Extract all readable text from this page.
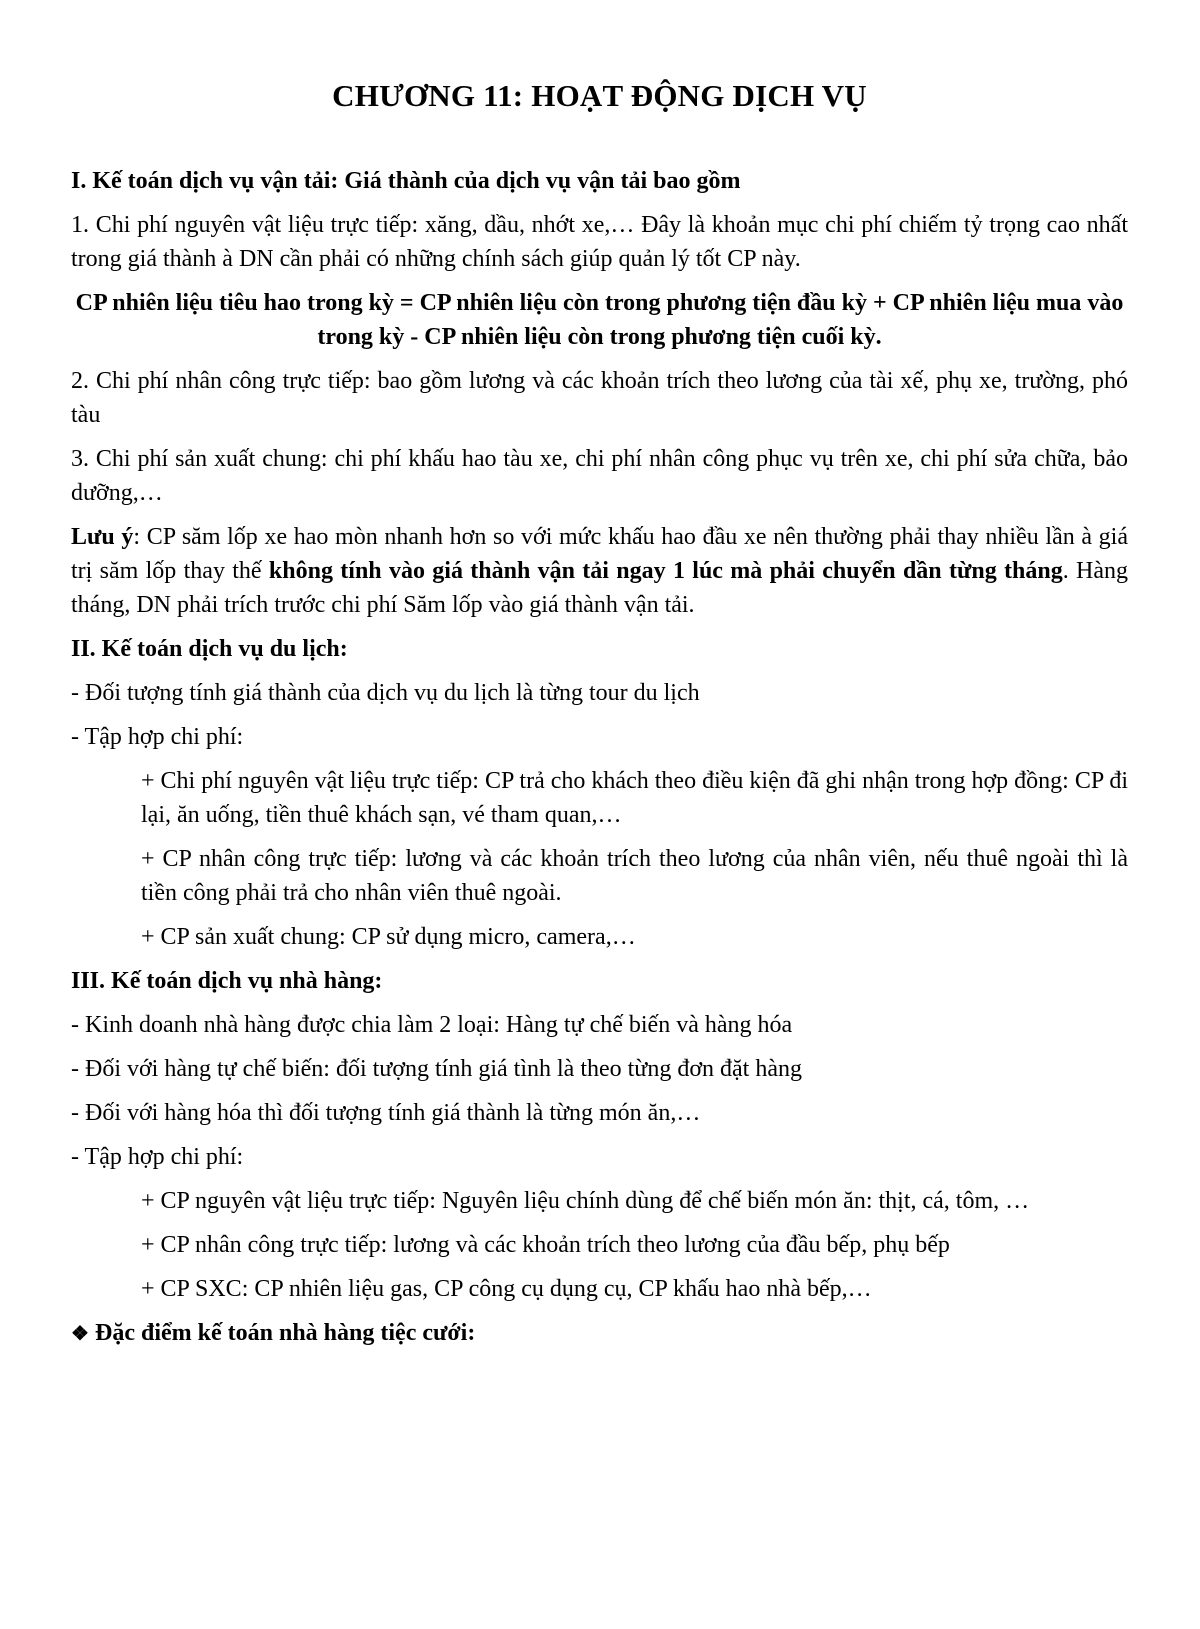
CHƯƠNG 11: HOẠT ĐỘNG DỊCH VỤ

I. Kế toán dịch vụ vận tải: Giá thành của dịch vụ vận tải bao gồm

1. Chi phí nguyên vật liệu trực tiếp: xăng, dầu, nhớt xe,… Đây là khoản mục chi phí chiếm tỷ trọng cao nhất trong giá thành à DN cần phải có những chính sách giúp quản lý tốt CP này.

CP nhiên liệu tiêu hao trong kỳ = CP nhiên liệu còn trong phương tiện đầu kỳ + CP nhiên liệu mua vào trong kỳ - CP nhiên liệu còn trong phương tiện cuối kỳ.

2. Chi phí nhân công trực tiếp: bao gồm lương và các khoản trích theo lương của tài xế, phụ xe, trường, phó tàu

3. Chi phí sản xuất chung: chi phí khấu hao tàu xe, chi phí nhân công phục vụ trên xe, chi phí sửa chữa, bảo dưỡng,…

Lưu ý: CP săm lốp xe hao mòn nhanh hơn so với mức khấu hao đầu xe nên thường phải thay nhiều lần à giá trị săm lốp thay thế không tính vào giá thành vận tải ngay 1 lúc mà phải chuyển dần từng tháng. Hàng tháng, DN phải trích trước chi phí Săm lốp vào giá thành vận tải.

II. Kế toán dịch vụ du lịch:

- Đối tượng tính giá thành của dịch vụ du lịch là từng tour du lịch

- Tập hợp chi phí:

+ Chi phí nguyên vật liệu trực tiếp: CP trả cho khách theo điều kiện đã ghi nhận trong hợp đồng: CP đi lại, ăn uống, tiền thuê khách sạn, vé tham quan,…

+ CP nhân công trực tiếp: lương và các khoản trích theo lương của nhân viên, nếu thuê ngoài thì là tiền công phải trả cho nhân viên thuê ngoài.

+ CP sản xuất chung: CP sử dụng micro, camera,…

III. Kế toán dịch vụ nhà hàng:

- Kinh doanh nhà hàng được chia làm 2 loại: Hàng tự chế biến và hàng hóa

- Đối với hàng tự chế biến: đối tượng tính giá tình là theo từng đơn đặt hàng

- Đối với hàng hóa thì đối tượng tính giá thành là từng món ăn,…

- Tập hợp chi phí:

+ CP nguyên vật liệu trực tiếp: Nguyên liệu chính dùng để chế biến món ăn: thịt, cá, tôm, …

+ CP nhân công trực tiếp: lương và các khoản trích theo lương của đầu bếp, phụ bếp

+ CP SXC: CP nhiên liệu gas, CP công cụ dụng cụ, CP khấu hao nhà bếp,…

❖ Đặc điểm kế toán nhà hàng tiệc cưới:
